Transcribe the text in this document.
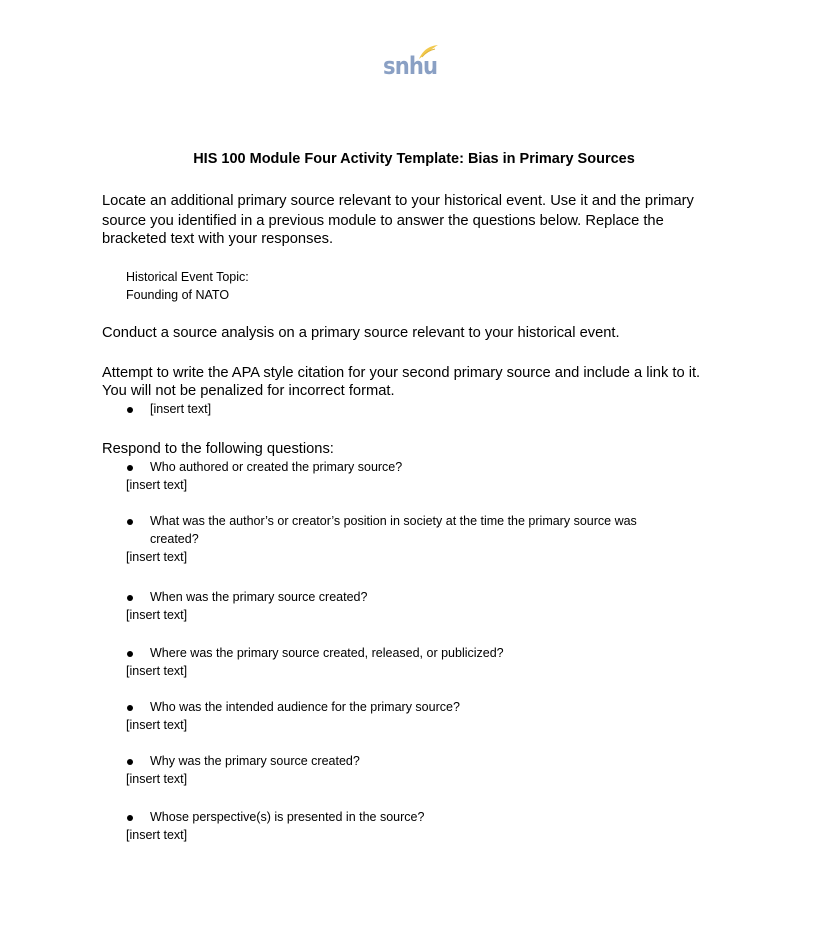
snhu
HIS 100 Module Four Activity Template: Bias in Primary Sources
Locate an additional primary source relevant to your historical event. Use it and the primary
source you identified in a previous module to answer the questions below. Replace the
bracketed text with your responses.
Historical Event Topic:
Founding of NATO
Conduct a source analysis on a primary source relevant to your historical event.
Attempt to write the APA style citation for your second primary source and include a link to it.
You will not be penalized for incorrect format.
[insert text]
Respond to the following questions:
Who authored or created the primary source?
[insert text]
What was the author’s or creator’s position in society at the time the primary source was
created?
[insert text]
When was the primary source created?
[insert text]
Where was the primary source created, released, or publicized?
[insert text]
Who was the intended audience for the primary source?
[insert text]
Why was the primary source created?
[insert text]
Whose perspective(s) is presented in the source?
[insert text]
